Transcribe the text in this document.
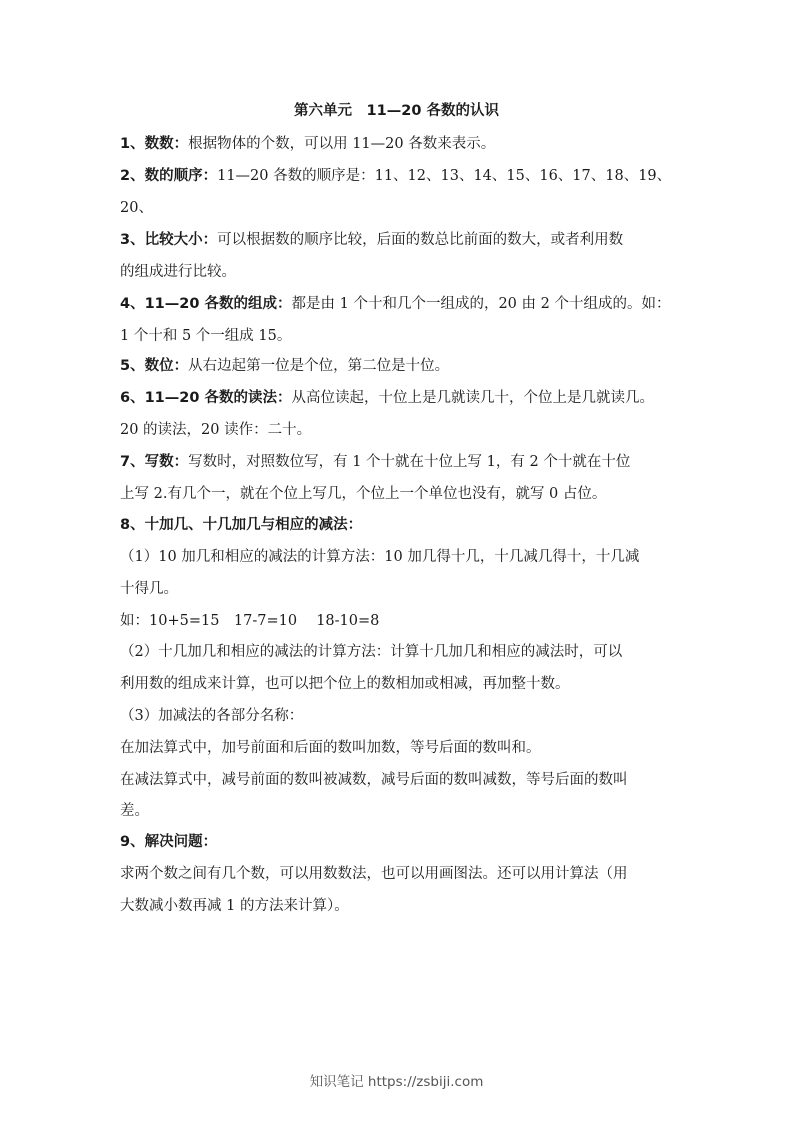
第六单元　11—20 各数的认识
1、数数：根据物体的个数，可以用 11—20 各数来表示。
2、数的顺序：11—20 各数的顺序是：11、12、13、14、15、16、17、18、19、
20、
3、比较大小：可以根据数的顺序比较，后面的数总比前面的数大，或者利用数
的组成进行比较。
4、11—20 各数的组成：都是由 1 个十和几个一组成的，20 由 2 个十组成的。如：
1 个十和 5 个一组成 15。
5、数位：从右边起第一位是个位，第二位是十位。
6、11—20 各数的读法：从高位读起，十位上是几就读几十，个位上是几就读几。
20 的读法，20 读作：二十。
7、写数：写数时，对照数位写，有 1 个十就在十位上写 1，有 2 个十就在十位
上写 2.有几个一，就在个位上写几，个位上一个单位也没有，就写 0 占位。
8、十加几、十几加几与相应的减法：
（1）10 加几和相应的减法的计算方法：10 加几得十几，十几减几得十，十几减
十得几。
如：10+5=15　17-7=10　 18-10=8
（2）十几加几和相应的减法的计算方法：计算十几加几和相应的减法时，可以
利用数的组成来计算，也可以把个位上的数相加或相减，再加整十数。
（3）加减法的各部分名称：
在加法算式中，加号前面和后面的数叫加数，等号后面的数叫和。
在减法算式中，减号前面的数叫被减数，减号后面的数叫减数，等号后面的数叫
差。
9、解决问题：
求两个数之间有几个数，可以用数数法，也可以用画图法。还可以用计算法（用
大数减小数再减 1 的方法来计算）。
知识笔记 https://zsbiji.com
